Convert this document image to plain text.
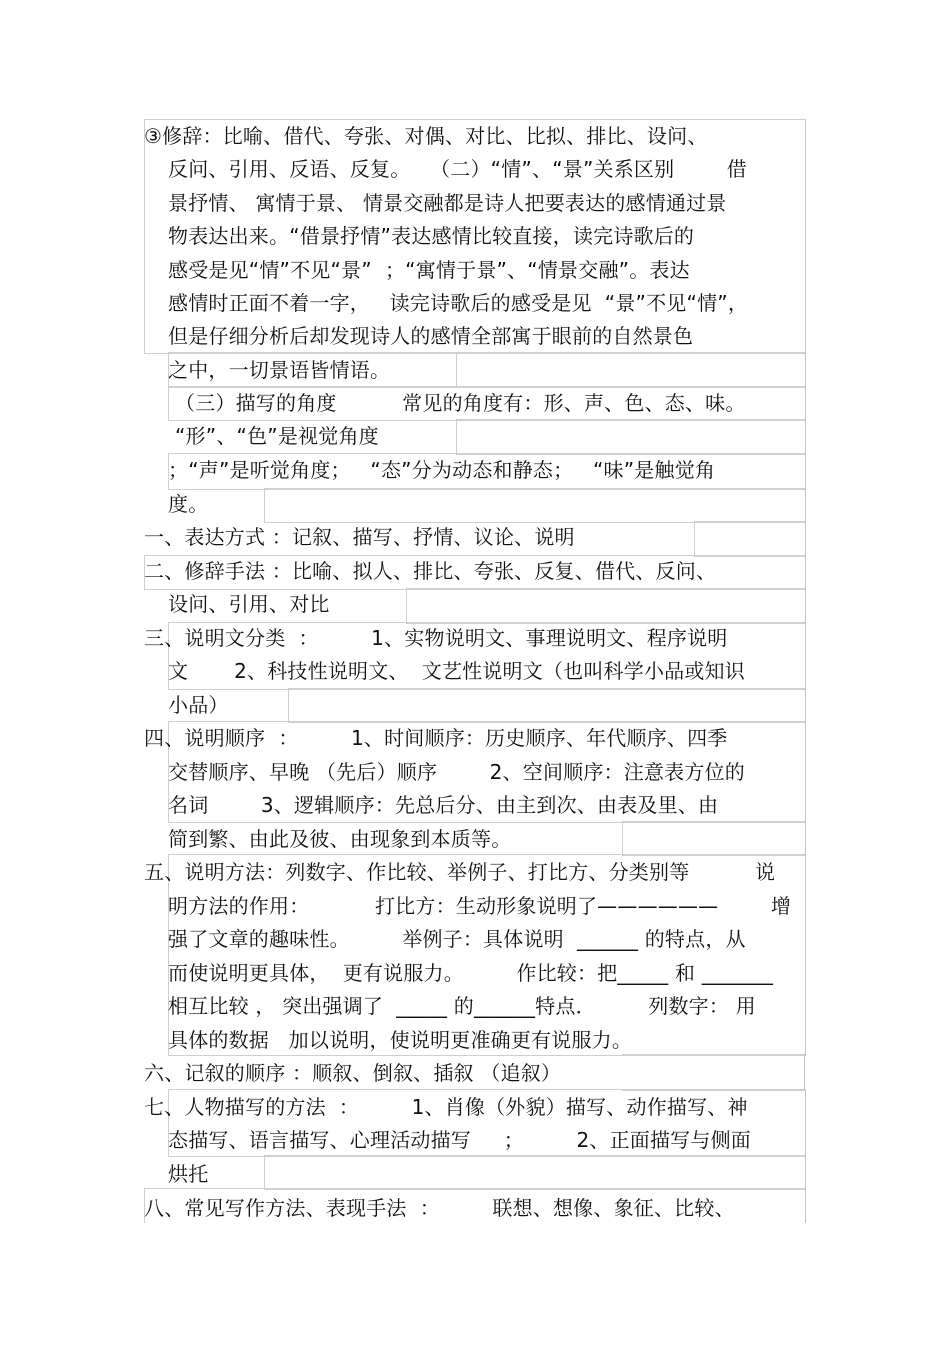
③修辞：比喻、借代、夸张、对偶、对比、比拟、排比、设问、
反问、引用、反语、反复。   （二）“情”、“景”关系区别        借
景抒情、 寓情于景、 情景交融都是诗人把要表达的感情通过景
物表达出来。“借景抒情”表达感情比较直接，读完诗歌后的
感受是见“情”不见“景”  ；“寓情于景”、“情景交融”。表达
感情时正面不着一字，   读完诗歌后的感受是见  “景”不见“情”，
但是仔细分析后却发现诗人的感情全部寓于眼前的自然景色
之中，一切景语皆情语。
（三）描写的角度          常见的角度有：形、声、色、态、味。
“形”、“色”是视觉角度
；“声”是听觉角度；   “态”分为动态和静态；   “味”是触觉角
度。
一、表达方式 ：记叙、描写、抒情、议论、说明
二、修辞手法 ：比喻、拟人、排比、夸张、反复、借代、反问、
设问、引用、对比
三、说明文分类  ：        1、实物说明文、事理说明文、程序说明
文       2、科技性说明文、  文艺性说明文（也叫科学小品或知识
小品）
四、说明顺序  ：        1、时间顺序：历史顺序、年代顺序、四季
交替顺序、早晚 （先后）顺序        2、空间顺序：注意表方位的
名词        3、逻辑顺序：先总后分、由主到次、由表及里、由
简到繁、由此及彼、由现象到本质等。
五、说明方法：列数字、作比较、举例子、打比方、分类别等          说
明方法的作用：          打比方：生动形象说明了——————        增
强了文章的趣味性。        举例子：具体说明  ______ 的特点，从
而使说明更具体，  更有说服力。        作比较：把_____ 和 _______
相互比较 ， 突出强调了  _____ 的______特点．        列数字： 用
具体的数据   加以说明，使说明更准确更有说服力。
六、记叙的顺序 ：顺叙、倒叙、插叙 （追叙）
七、人物描写的方法  ：        1、肖像（外貌）描写、动作描写、神
态描写、语言描写、心理活动描写     ；        2、正面描写与侧面
烘托
八、常见写作方法、表现手法  ：        联想、想像、象征、比较、
